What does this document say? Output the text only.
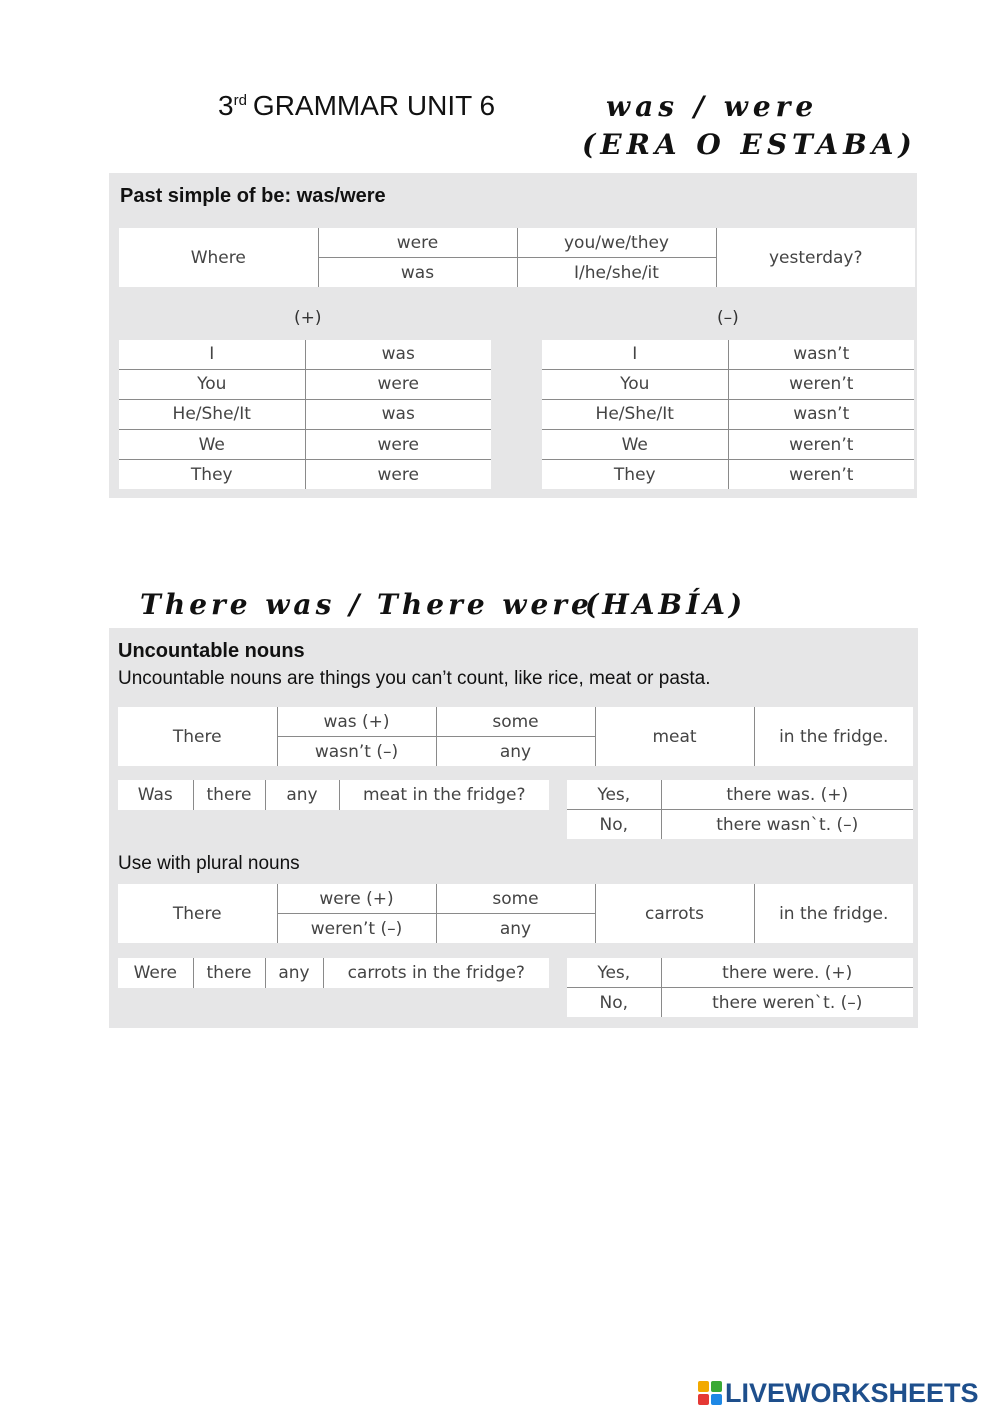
3rd GRAMMAR UNIT 6	was / were
(ERA O ESTABA)
Past simple of be: was/were
Where	were	you/we/they	yesterday?
	was	I/he/she/it	
(+)	(–)
I	was
You	were
He/She/It	was
We	were
They	were
I	wasn’t
You	weren’t
He/She/It	wasn’t
We	weren’t
They	weren’t
There was / There were
(HABÍA)
Uncountable nouns
Uncountable nouns are things you can’t count, like rice, meat or pasta.
There	was (+)	some	meat	in the fridge.
	wasn’t (–)	any		
Was	there	any	meat in the fridge?	Yes,	there was. (+)
No,	there wasn`t. (–)
Use with plural nouns
There	were (+)	some	carrots	in the fridge.
	weren’t (–)	any		
Were	there	any	carrots in the fridge?	Yes,	there were. (+)
No,	there weren`t. (–)
LIVEWORKSHEETS
